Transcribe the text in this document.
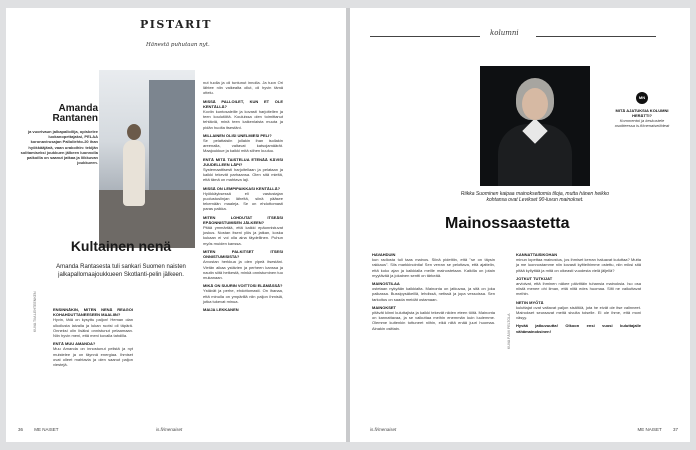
PISTARIT
Hänestä puhutaan nyt.
Amanda
Rantanen
ja vuorivaun jalkapalloilija, opiskelee luokanopettajaksi, PELAA koronavirusajan Palloliehto-20 ihan hyökkääjänä, vaan urakoihin: tekijän solitamiseksi joukkuen jälkeen luonnolla paikoilla on saanut jatkaa ja liikkuvan joukkueen.
Kultainen nenä
Amanda Rantasesta tuli sankari Suomen naisten jalkapallomaajoukkueen Skotlanti-pelin jälkeen.
ENSINNÄKIN, MITEN NENÄ REAGOI KOHAHDUTTANEESEEN MAALIIN?
Hyvin, tätä on kysyttu paljon! Heman olan ulkoilusta laivalla ja lukan ruotsi oli täpärä. Onneksi olin lisäksi onnistunut pelaamaan. Niin hyvin meni, että meni kovalla tahdilla.
ENTÄ MUU AMANDA?
Muu Amanda on innostunut pelistä ja nyt muistelee ja on täynnä energiaa. Ihmiset ovat olleet mahtavia ja olen saanut paljon viestejä.
nut tuolla ja oli tuntunut innolla. Ja tuon Ori lähtee niin vaikealta ollut, oli hyvin tämä ottelu.
MISSÄ PALLOILET, KUN ET OLE KENTÄLLÄ?
Koviin kuntosaleille ja kovasti harjoitellen ja teen koulutöitä. Kouluissa olen toimittanut tehtäviä, minä teen kaikenlaista muuta ja pidän huolta itsestäni.
MILLAINEN OLISI UNELMIESI PELI?
Se pelattaisiin jollakin ihan isollakin areenalla, valtavat katsojamäärät. Maajoukkue ja kaikki mitä siihen kuuluu.
ENTÄ MITÄ TAISTELUA ETENÄÄ KÄVISI JUUDELLEEN LÄPI?
Systemaattisesti harjoitellaan ja pelataan ja kaikki tekevät parhaansa. Olen sitä mieltä, että tämä on mahtava laji.
MISSÄ ON LEMPIPAIKKASI KENTÄLLÄ?
Hyökkäyksessä eli vastustajan puolustuslinjan läheltä, siinä pääsee tekemään maaleja. Se on ehdottomasti paras paikka.
MITEN LOHDUTAT ITSEÄSI EPÄONNISTUMISEN JÄLKEEN?
Pitää ymmärtää, että kaikki epäonnistuvat joskus. Nostan itseni ylös ja jatkan, koska kukaan ei voi olla aina täydellinen. Puhun myös muiden kanssa.
MITEN PALKITSET ITSESI ONNISTUMISISTA?
Arvostan herkkua ja olen ylpeä itsestäni. Vietän aikaa ystävien ja perheen kanssa ja nautin siitä hetkestä, minkä onnistuminen tuo mukanaan.
MIKÄ ON SUURIN VOITTOSI ELÄMÄSSÄ?
Ystävät ja perhe, ehdottomasti. On ihanaa, että minulla on ympärillä niin paljon ihmisiä, jotka tukevat minua.
MAIJA LEKKANEN
KUVA TIIA LEHTEENKEN
36	ME NAISET	is.fi/menaiset
kolumni
Riikka Suominen kaipaa mainoksettomia tiloja, mutta hänen heikko kohtansa ovat Levikset 90-luvun mainokset.
MN
MITÄ AJATUKSIA KOLUMNI HERÄTTI?
Kommentoi ja keskustele osoitteessa is.fi/menaiset/ideat
Mainossaastetta
HAVAHDUIN
kun radiosta tuli taas mainos. Siinä pidettiin, että "se on täysin rakkaus". Siis markkinointia! Sen verran se pelottava, että ajattelin, että koko ajan ja kaikkialla meille mainostetaan. Kaikilla on jotain myytävää ja jokainen sentti on tärkeää.
MAINOSTILAA
ostetaan nykyään kaikkialta. Mainonta on jatkuvaa, ja sitä on joka paikassa. Bussipysäkeillä, lehdissä, netissä ja jopa vessoissa. Sen tarkoitus on saada meidät ostamaan.
MAINOKSET
pitävät kiinni kuluttajista ja kaikki tekevät niiden eteen töitä. Mainonta on kannattavaa, ja se vaikuttaa meihin enemmän kuin luulemme. Olemme kuitenkin tottuneet niihin, eikä niitä enää juuri huomaa. Ainakin osittain.
KANNATTAISIKOHAN
minun lopettaa mainostus, jos ihmiset kerran haluavat kuluttaa? Mutta ja me luonnostamme niin kovasti kyltteihimme ostettu, niin miksi sitä pitää kyllyttää ja mitä on oikeasti vuodesta vielä jäljellä?
JOTKUT TUTKIJAT
arvioivat, että ihminen näkee päivittäin tuhansia mainoksia. Iso osa niistä menee ohi ilman, että niitä edes huomaa. Silti ne vaikuttavat meihin.
NETIN MYÖTÄ
kuluttajat ovat valtavat paljon sisältöä, jota he eivät ole itse valinneet. Mainokset seuraavat meitä sivulta toiselle. Ei ole ihme, että moni väsyy.
Hyvää jatkuvuutta! Olkoon ensi vuosi kuluttajalle vähämainoksinen!
KUVA PÄIVI PELTOLA
is.fi/menaiset	ME NAISET	37
